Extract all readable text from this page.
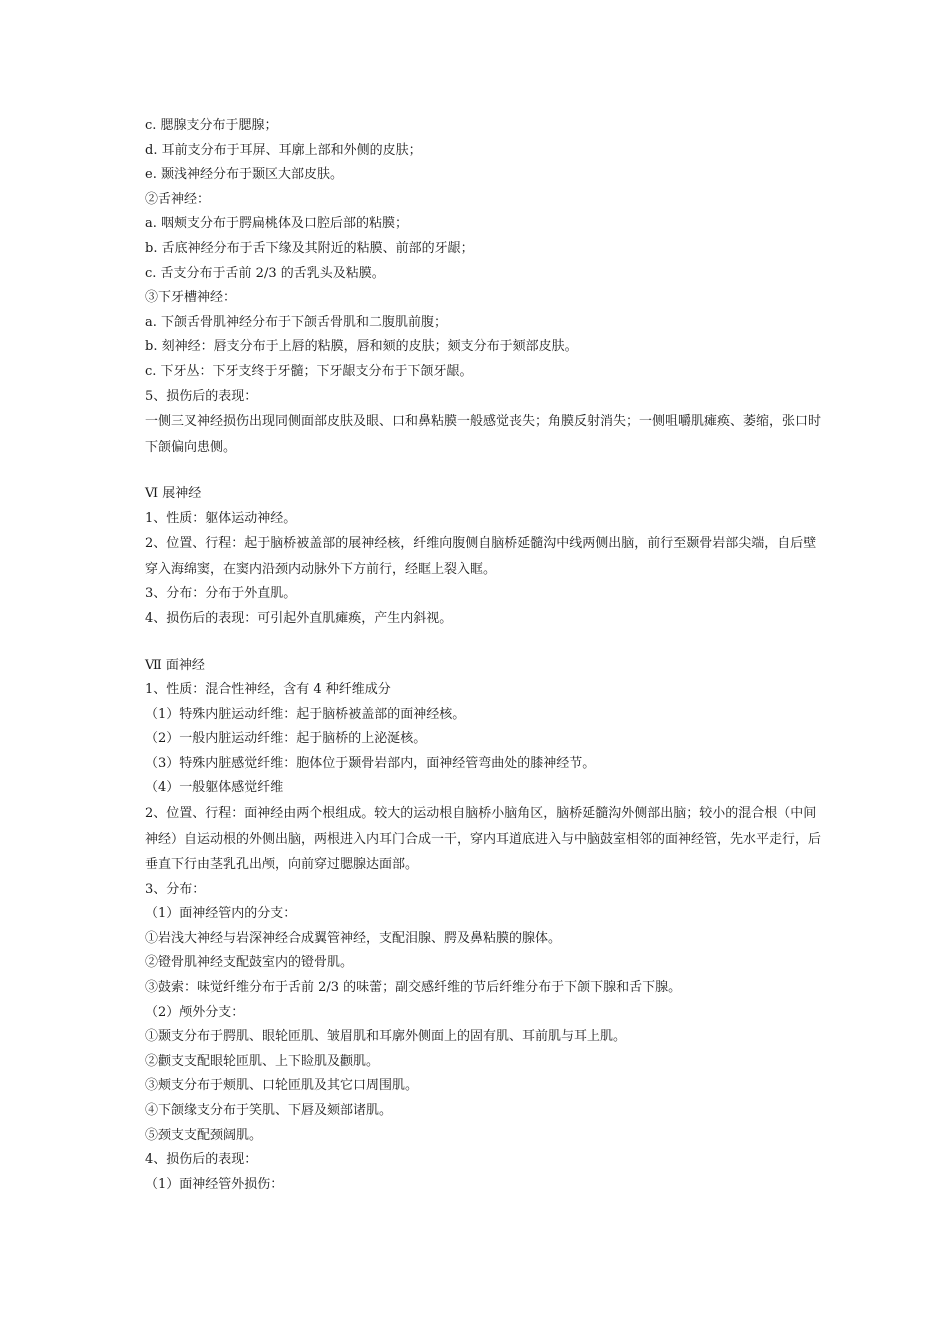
c. 腮腺支分布于腮腺；
d. 耳前支分布于耳屏、耳廓上部和外侧的皮肤；
e. 颞浅神经分布于颞区大部皮肤。
②舌神经：
a. 咽颊支分布于腭扁桃体及口腔后部的粘膜；
b. 舌底神经分布于舌下缘及其附近的粘膜、前部的牙龈；
c. 舌支分布于舌前 2/3 的舌乳头及粘膜。
③下牙槽神经：
a. 下颌舌骨肌神经分布于下颌舌骨肌和二腹肌前腹；
b. 刻神经：唇支分布于上唇的粘膜，唇和颏的皮肤；颏支分布于颏部皮肤。
c. 下牙丛：下牙支终于牙髓；下牙龈支分布于下颌牙龈。
5、损伤后的表现：
一侧三叉神经损伤出现同侧面部皮肤及眼、口和鼻粘膜一般感觉丧失；角膜反射消失；一侧咀嚼肌瘫痪、萎缩，张口时下颌偏向患侧。
Ⅵ 展神经
1、性质：躯体运动神经。
2、位置、行程：起于脑桥被盖部的展神经核，纤维向腹侧自脑桥延髓沟中线两侧出脑，前行至颞骨岩部尖端，自后壁穿入海绵窦，在窦内沿颈内动脉外下方前行，经眶上裂入眶。
3、分布：分布于外直肌。
4、损伤后的表现：可引起外直肌瘫痪，产生内斜视。
Ⅶ 面神经
1、性质：混合性神经，含有 4 种纤维成分
（1）特殊内脏运动纤维：起于脑桥被盖部的面神经核。
（2）一般内脏运动纤维：起于脑桥的上泌涎核。
（3）特殊内脏感觉纤维：胞体位于颞骨岩部内，面神经管弯曲处的膝神经节。
（4）一般躯体感觉纤维
2、位置、行程：面神经由两个根组成。较大的运动根自脑桥小脑角区，脑桥延髓沟外侧部出脑；较小的混合根（中间神经）自运动根的外侧出脑，两根进入内耳门合成一干，穿内耳道底进入与中脑鼓室相邻的面神经管，先水平走行，后垂直下行由茎乳孔出颅，向前穿过腮腺达面部。
3、分布：
（1）面神经管内的分支：
①岩浅大神经与岩深神经合成翼管神经，支配泪腺、腭及鼻粘膜的腺体。
②镫骨肌神经支配鼓室内的镫骨肌。
③鼓索：味觉纤维分布于舌前 2/3 的味蕾；副交感纤维的节后纤维分布于下颌下腺和舌下腺。
（2）颅外分支：
①颞支分布于腭肌、眼轮匝肌、皱眉肌和耳廓外侧面上的固有肌、耳前肌与耳上肌。
②颧支支配眼轮匝肌、上下睑肌及颧肌。
③颊支分布于颊肌、口轮匝肌及其它口周围肌。
④下颌缘支分布于笑肌、下唇及颏部诸肌。
⑤颈支支配颈阔肌。
4、损伤后的表现：
（1）面神经管外损伤：
